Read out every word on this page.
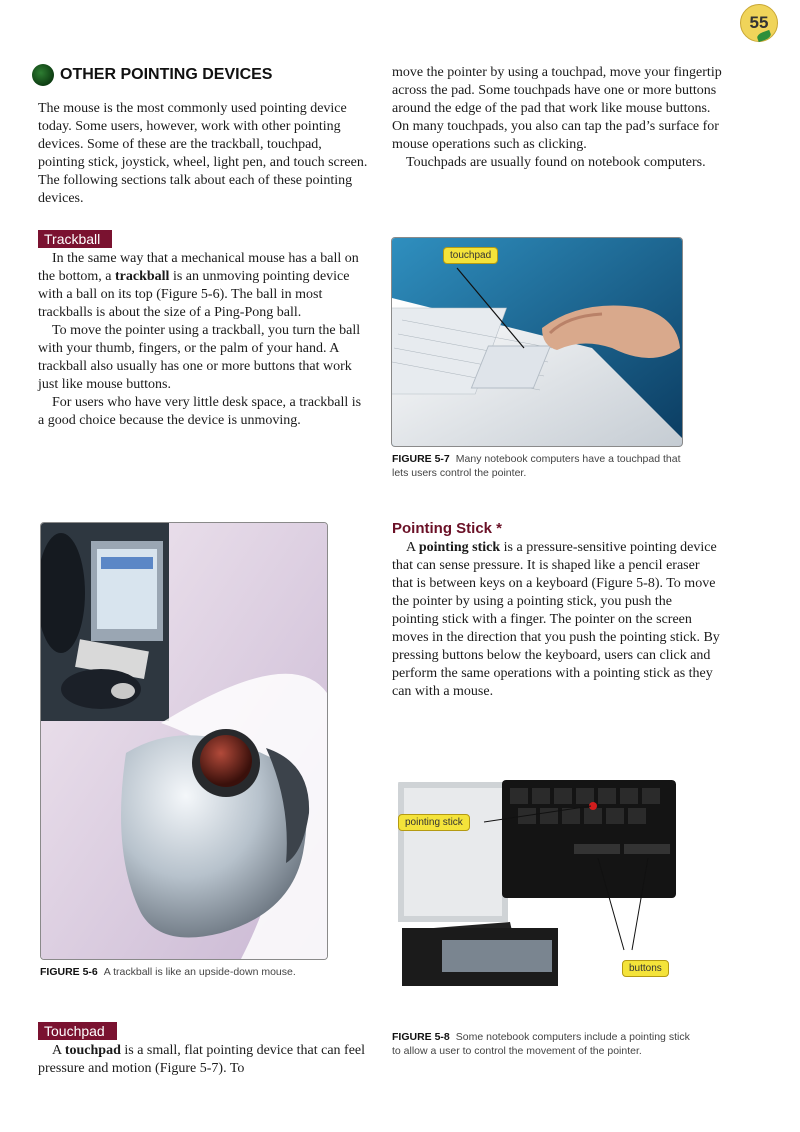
55
OTHER POINTING DEVICES

The mouse is the most commonly used pointing device today. Some users, however, work with other pointing devices. Some of these are the trackball, touchpad, pointing stick, joystick, wheel, light pen, and touch screen. The following sections talk about each of these pointing devices.

Trackball

In the same way that a mechanical mouse has a ball on the bottom, a trackball is an unmoving pointing device with a ball on its top (Figure 5-6). The ball in most trackballs is about the size of a Ping-Pong ball.

To move the pointer using a trackball, you turn the ball with your thumb, fingers, or the palm of your hand. A trackball also usually has one or more buttons that work just like mouse buttons.

For users who have very little desk space, a trackball is a good choice because the device is unmoving.

FIGURE 5-6 A trackball is like an upside-down mouse.
Touchpad

A touchpad is a small, flat pointing device that can feel pressure and motion (Figure 5-7). To

move the pointer by using a touchpad, move your fingertip across the pad. Some touchpads have one or more buttons around the edge of the pad that work like mouse buttons. On many touchpads, you also can tap the pad’s surface for mouse operations such as clicking.

Touchpads are usually found on notebook computers.

touchpad
FIGURE 5-7 Many notebook computers have a touchpad that lets users control the pointer.
Pointing Stick *

A pointing stick is a pressure-sensitive pointing device that can sense pressure. It is shaped like a pencil eraser that is between keys on a keyboard (Figure 5-8). To move the pointer by using a pointing stick, you push the pointing stick with a finger. The pointer on the screen moves in the direction that you push the pointing stick. By pressing buttons below the keyboard, users can click and perform the same operations with a pointing stick as they can with a mouse.

pointing stick
buttons
FIGURE 5-8 Some notebook computers include a pointing stick to allow a user to control the movement of the pointer.
